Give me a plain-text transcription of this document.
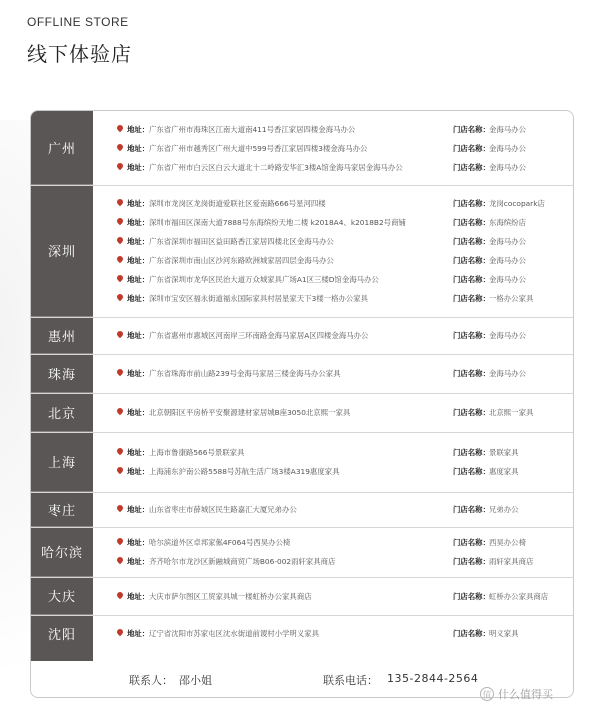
OFFLINE STORE
线下体验店
广州
地址： 广东省广州市海珠区江南大道南411号香江家居四楼金海马办公	门店名称： 金海马办公
地址： 广东省广州市越秀区广州大道中599号香江家居四楼3楼金海马办公	门店名称： 金海马办公
地址： 广东省广州市白云区白云大道北十二岭路安华汇3楼A馆金海马家居金海马办公	门店名称： 金海马办公
深圳
地址： 深圳市龙岗区龙岗街道爱联社区爱南路666号星河四楼	门店名称： 龙岗cocopark店
地址： 深圳市福田区深南大道7888号东海缤纷天地二楼 k2018A4、k2018B2号商铺	门店名称： 东海缤纷店
地址： 广东省深圳市福田区益田路香江家居四楼北区金海马办公	门店名称： 金海马办公
地址： 广东省深圳市南山区沙河东路欧洲城家居四层金海马办公	门店名称： 金海马办公
地址： 广东省深圳市龙华区民治大道万众城家具广场A1区三楼D馆金海马办公	门店名称： 金海马办公
地址： 深圳市宝安区福永街道福永国际家具村居星家天下3楼一格办公家具	门店名称： 一格办公家具
惠州	地址： 广东省惠州市惠城区河南岸三环南路金海马家居A区四楼金海马办公	门店名称： 金海马办公
珠海	地址： 广东省珠海市前山路239号金海马家居三楼金海马办公家具	门店名称： 金海马办公
北京	地址： 北京朝阳区平房桥平安聚源建材家居城B座3050北京熙一家具	门店名称： 北京熙一家具
上海
地址： 上海市鲁康路566号景联家具	门店名称： 景联家具
地址： 上海浦东沪南公路5588号苏航生活广场3楼A319惠度家具	门店名称： 惠度家具
枣庄	地址： 山东省枣庄市薛城区民生路嘉汇大厦兄弟办公	门店名称： 兄弟办公
哈尔滨
地址： 哈尔滨道外区卓邦家俬4F064号西昊办公椅	门店名称： 西昊办公椅
地址： 齐齐哈尔市龙沙区新融城商贸广场B06-002雨轩家具商店	门店名称： 雨轩家具商店
大庆	地址： 大庆市萨尔图区工贸家具城一楼虹桥办公家具商店	门店名称： 虹桥办公家具商店
沈阳	地址： 辽宁省沈阳市苏家屯区沈水街道前谡村小学明义家具	门店名称： 明义家具
联系人： 邵小姐	联系电话： 135-2844-2564
值 什么值得买
